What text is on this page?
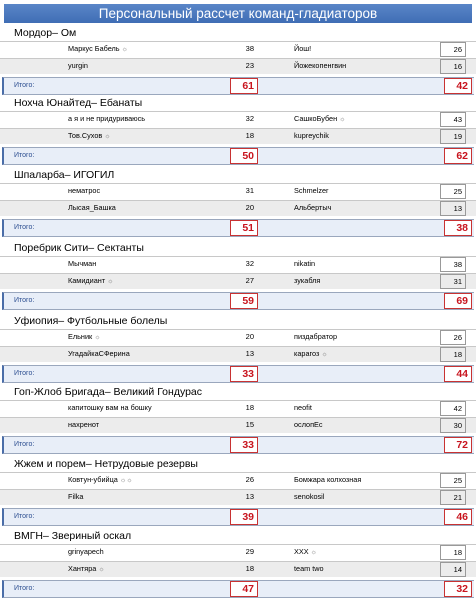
Персональный рассчет команд-гладиаторов
Мордор– Ом
Маркус Бабель ☼	38	Йош!	26
yurgin	23	Йожекопенгвин	16
Итого:	61	42
Нохча Юнайтед– Ебанаты
а я и не придуриваюсь	32	СашкоБубен ☼	43
Тов.Сухов ☼	18	kupreychik	19
Итого:	50	62
Шпаларба– ИГОГИЛ
нематрос	31	Schmelzer	25
Лысая_Башка	20	Альбертыч	13
Итого:	51	38
Поребрик Сити– Сектанты
Мычман	32	nikatin	38
Камидиант ☼	27	зукабля	31
Итого:	59	69
Уфиопия– Футбольные болелы
Ельник ☼	20	пиздабратор	26
УгадайкаСФерина	13	карагоз ☼	18
Итого:	33	44
Гоп-Жлоб Бригада– Великий Гондурас
капитошку вам на бошку	18	neofit	42
нахренот	15	ослопЕс	30
Итого:	33	72
Жжем и порем– Нетрудовые резервы
Ковтун-убийца ☼☼	26	Бомжара колхозная	25
Filka	13	senokosil	21
Итого:	39	46
ВМГН– Звериный оскал
grinyapech	29	XXX ☼	18
Хантяра ☼	18	team two	14
Итого:	47	32
